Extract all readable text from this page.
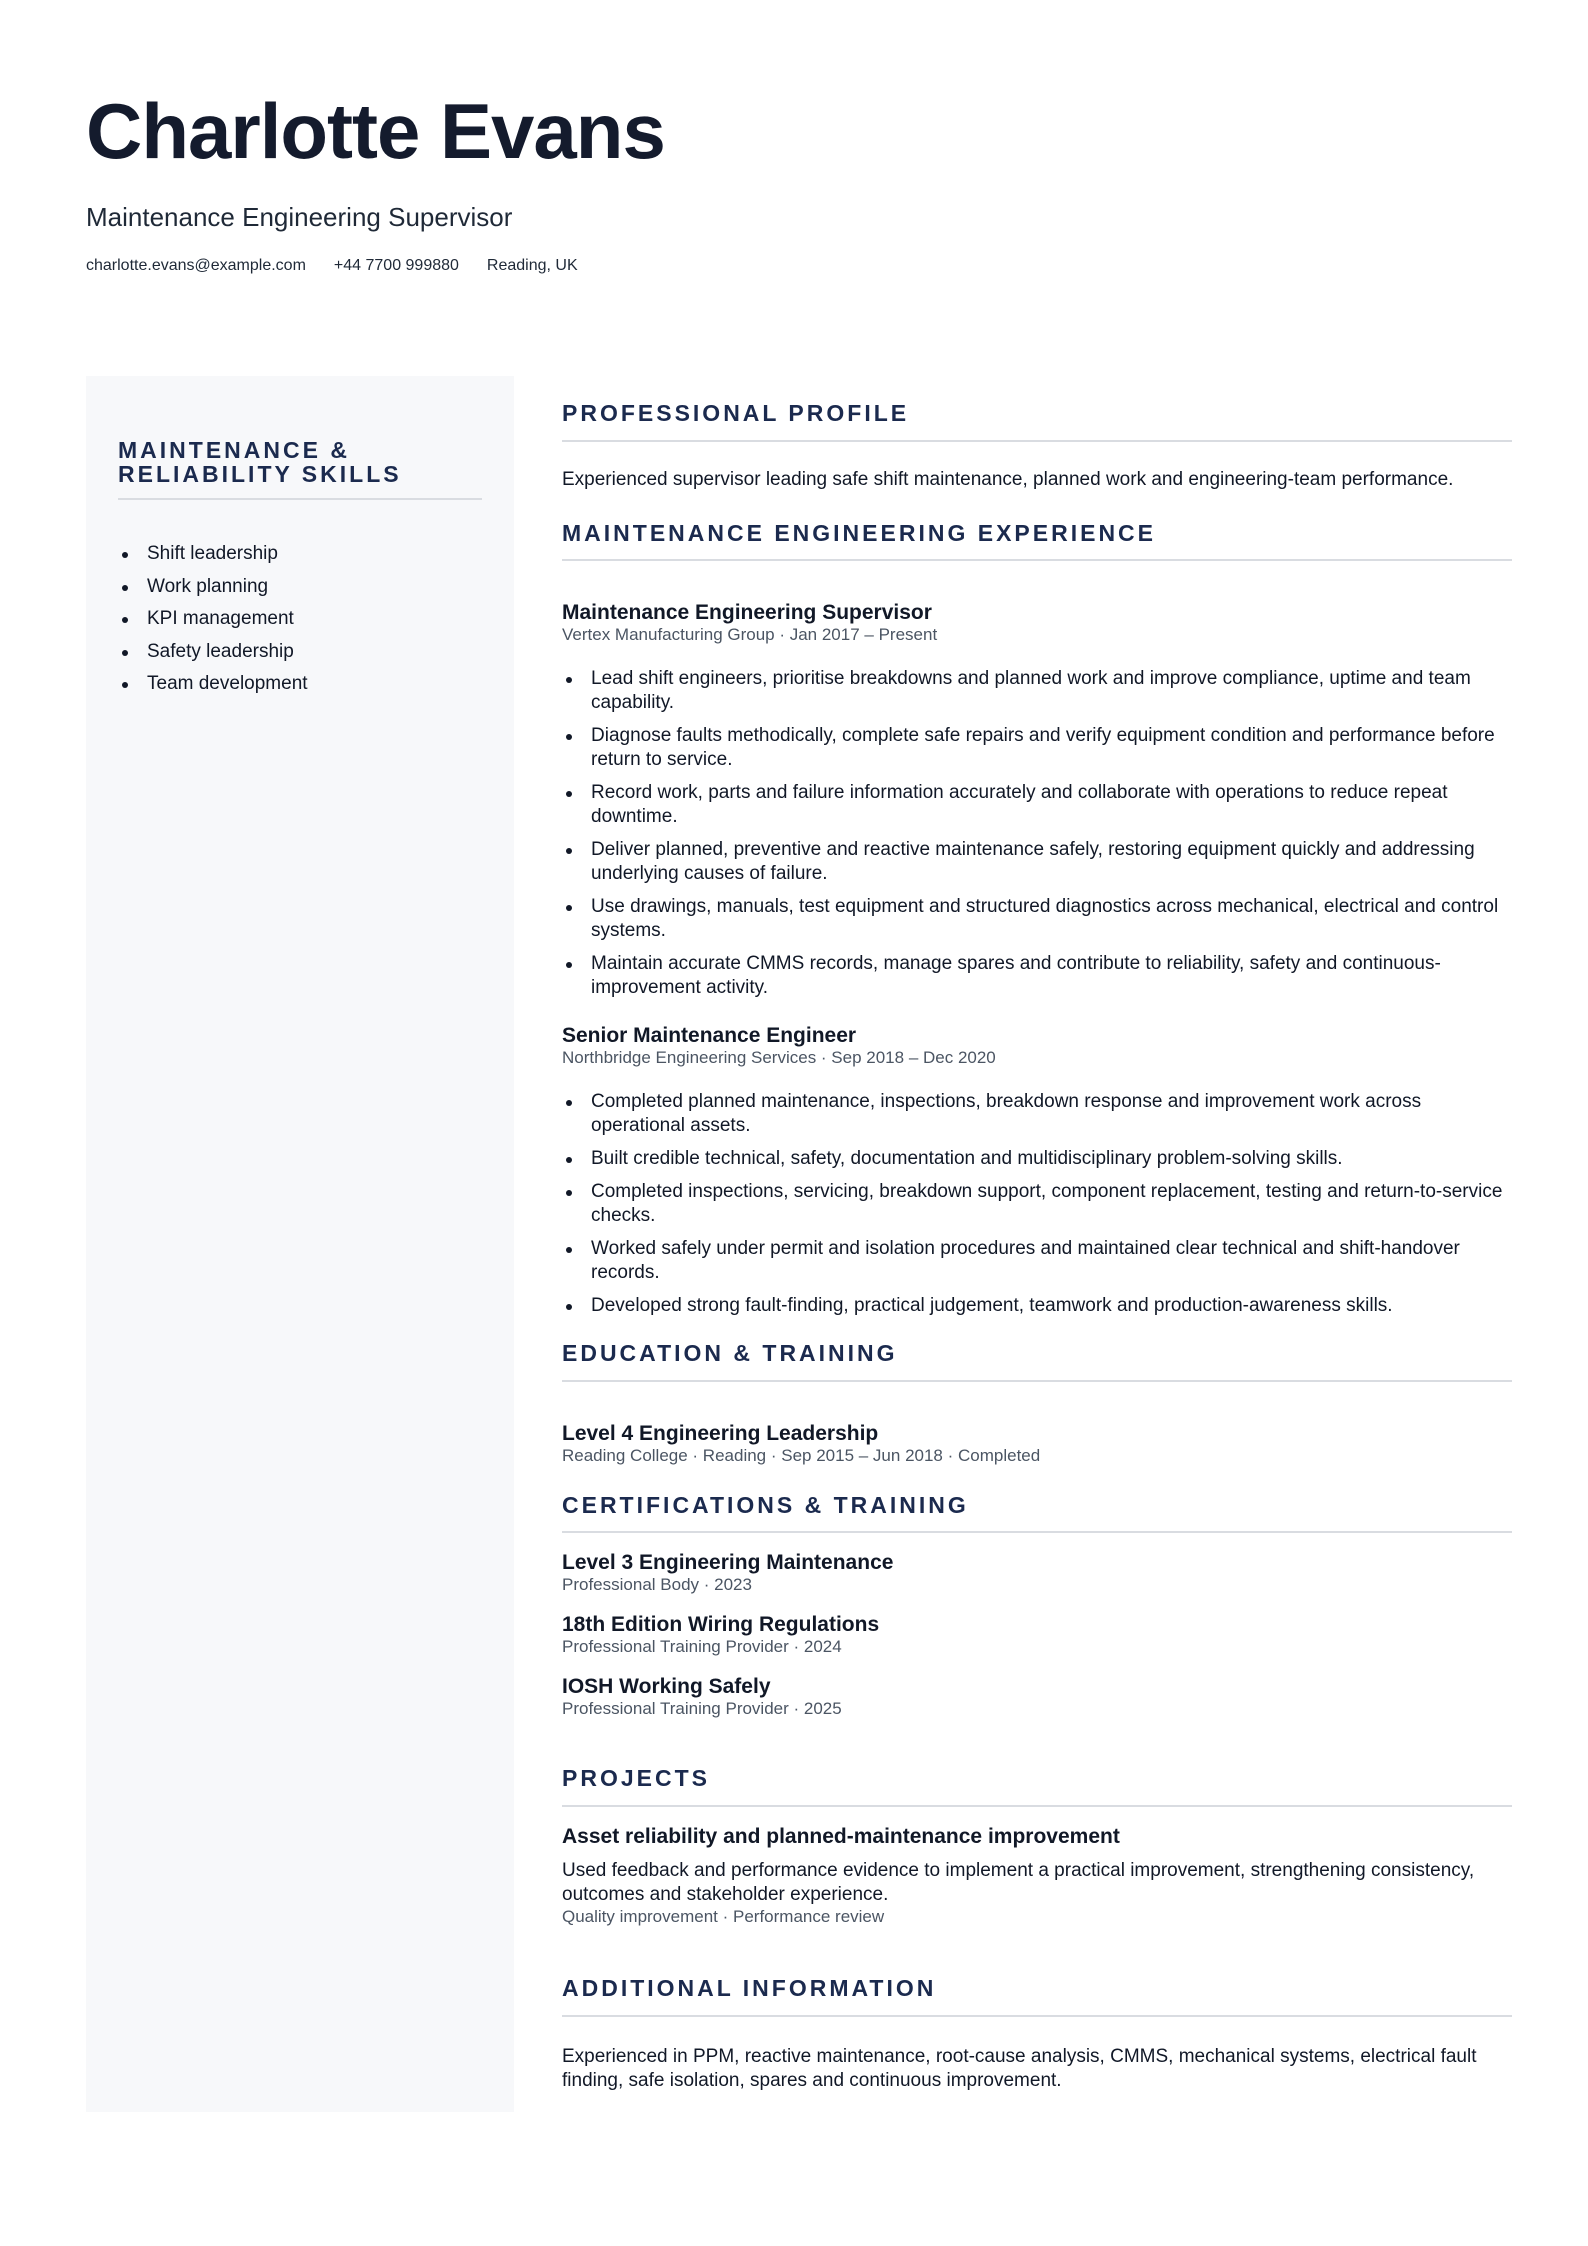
Charlotte Evans
Maintenance Engineering Supervisor
charlotte.evans@example.com +44 7700 999880 Reading, UK
MAINTENANCE &
RELIABILITY SKILLS
Shift leadership
Work planning
KPI management
Safety leadership
Team development
PROFESSIONAL PROFILE
Experienced supervisor leading safe shift maintenance, planned work and engineering-team performance.
MAINTENANCE ENGINEERING EXPERIENCE
Maintenance Engineering Supervisor
Vertex Manufacturing Group · Jan 2017 – Present
Lead shift engineers, prioritise breakdowns and planned work and improve compliance, uptime and team capability.
Diagnose faults methodically, complete safe repairs and verify equipment condition and performance before return to service.
Record work, parts and failure information accurately and collaborate with operations to reduce repeat downtime.
Deliver planned, preventive and reactive maintenance safely, restoring equipment quickly and addressing underlying causes of failure.
Use drawings, manuals, test equipment and structured diagnostics across mechanical, electrical and control systems.
Maintain accurate CMMS records, manage spares and contribute to reliability, safety and continuous-improvement activity.
Senior Maintenance Engineer
Northbridge Engineering Services · Sep 2018 – Dec 2020
Completed planned maintenance, inspections, breakdown response and improvement work across operational assets.
Built credible technical, safety, documentation and multidisciplinary problem-solving skills.
Completed inspections, servicing, breakdown support, component replacement, testing and return-to-service checks.
Worked safely under permit and isolation procedures and maintained clear technical and shift-handover records.
Developed strong fault-finding, practical judgement, teamwork and production-awareness skills.
EDUCATION & TRAINING
Level 4 Engineering Leadership
Reading College · Reading · Sep 2015 – Jun 2018 · Completed
CERTIFICATIONS & TRAINING
Level 3 Engineering Maintenance
Professional Body · 2023
18th Edition Wiring Regulations
Professional Training Provider · 2024
IOSH Working Safely
Professional Training Provider · 2025
PROJECTS
Asset reliability and planned-maintenance improvement
Used feedback and performance evidence to implement a practical improvement, strengthening consistency, outcomes and stakeholder experience.
Quality improvement · Performance review
ADDITIONAL INFORMATION
Experienced in PPM, reactive maintenance, root-cause analysis, CMMS, mechanical systems, electrical fault finding, safe isolation, spares and continuous improvement.
